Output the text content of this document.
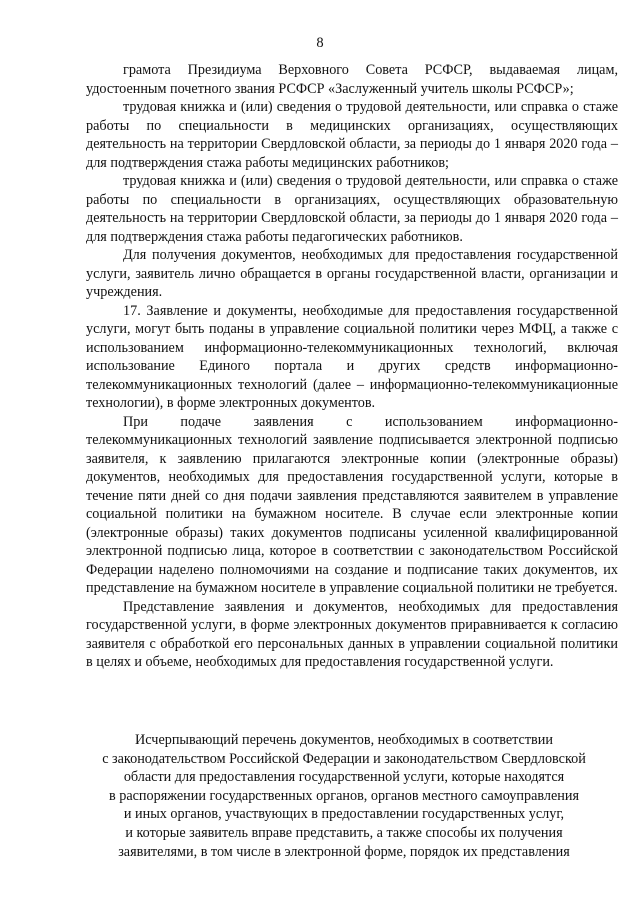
8

грамота Президиума Верховного Совета РСФСР, выдаваемая лицам, удостоенным почетного звания РСФСР «Заслуженный учитель школы РСФСР»;

трудовая книжка и (или) сведения о трудовой деятельности, или справка о стаже работы по специальности в медицинских организациях, осуществляющих деятельность на территории Свердловской области, за периоды до 1 января 2020 года – для подтверждения стажа работы медицинских работников;

трудовая книжка и (или) сведения о трудовой деятельности, или справка о стаже работы по специальности в организациях, осуществляющих образовательную деятельность на территории Свердловской области, за периоды до 1 января 2020 года – для подтверждения стажа работы педагогических работников.

Для получения документов, необходимых для предоставления государственной услуги, заявитель лично обращается в органы государственной власти, организации и учреждения.

17. Заявление и документы, необходимые для предоставления государственной услуги, могут быть поданы в управление социальной политики через МФЦ, а также с использованием информационно-телекоммуникационных технологий, включая использование Единого портала и других средств информационно-телекоммуникационных технологий (далее – информационно-телекоммуникационные технологии), в форме электронных документов.

При подаче заявления с использованием информационно-телекоммуникационных технологий заявление подписывается электронной подписью заявителя, к заявлению прилагаются электронные копии (электронные образы) документов, необходимых для предоставления государственной услуги, которые в течение пяти дней со дня подачи заявления представляются заявителем в управление социальной политики на бумажном носителе. В случае если электронные копии (электронные образы) таких документов подписаны усиленной квалифицированной электронной подписью лица, которое в соответствии с законодательством Российской Федерации наделено полномочиями на создание и подписание таких документов, их представление на бумажном носителе в управление социальной политики не требуется.

Представление заявления и документов, необходимых для предоставления государственной услуги, в форме электронных документов приравнивается к согласию заявителя с обработкой его персональных данных в управлении социальной политики в целях и объеме, необходимых для предоставления государственной услуги.

Исчерпывающий перечень документов, необходимых в соответствии
с законодательством Российской Федерации и законодательством Свердловской
области для предоставления государственной услуги, которые находятся
в распоряжении государственных органов, органов местного самоуправления
и иных органов, участвующих в предоставлении государственных услуг,
и которые заявитель вправе представить, а также способы их получения
заявителями, в том числе в электронной форме, порядок их представления
